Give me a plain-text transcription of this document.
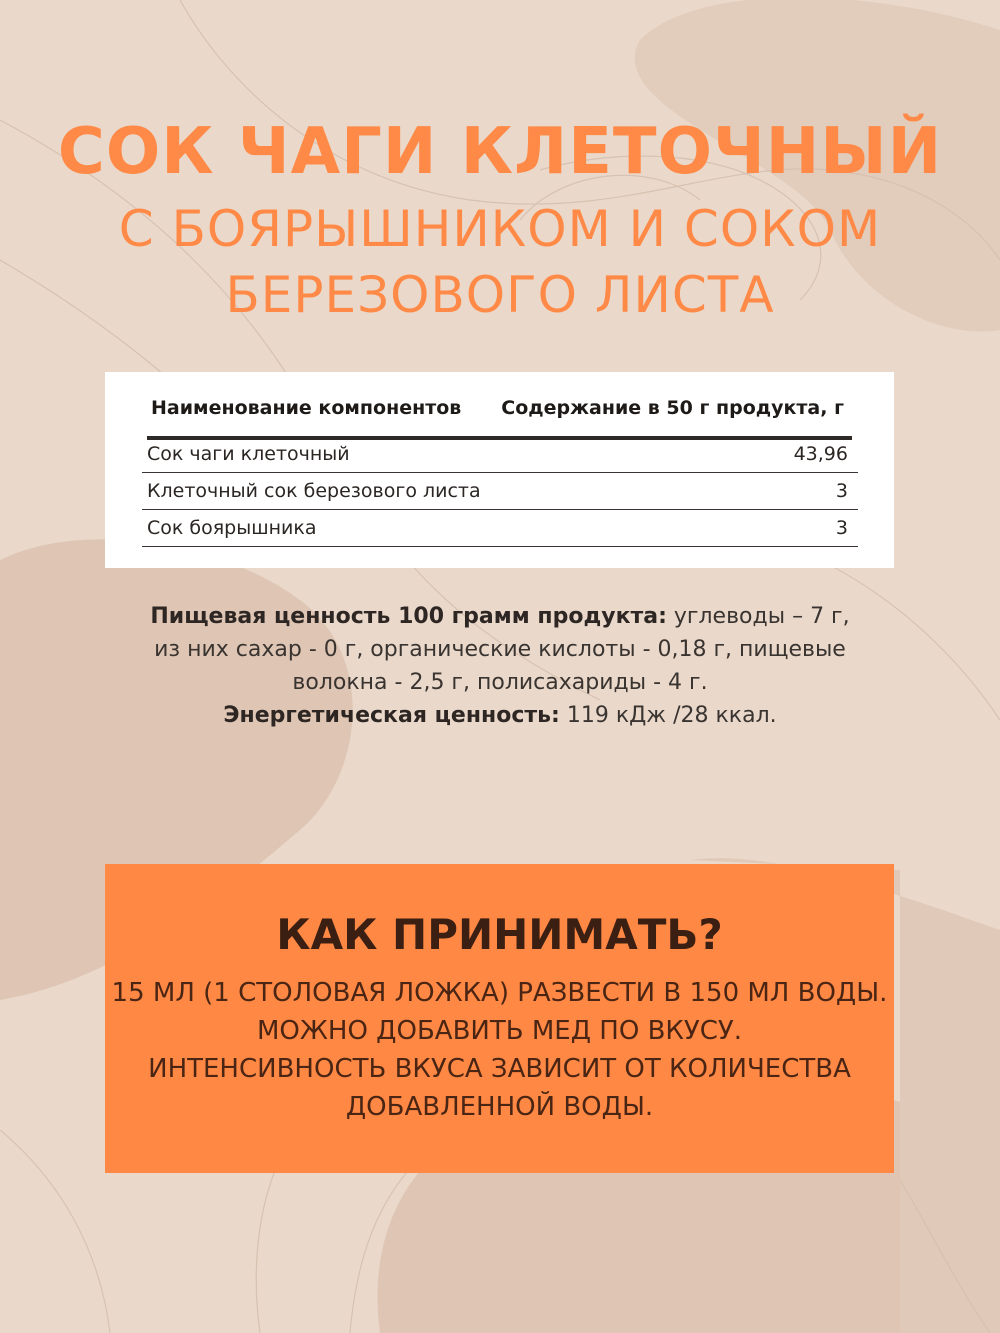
СОК ЧАГИ КЛЕТОЧНЫЙ
С БОЯРЫШНИКОМ И СОКОМ
БЕРЕЗОВОГО ЛИСТА
Наименование компонентов	Содержание в 50 г продукта, г
Сок чаги клеточный	43,96
Клеточный сок березового листа	3
Сок боярышника	3
Пищевая ценность 100 грамм продукта: углеводы – 7 г,
из них сахар - 0 г, органические кислоты - 0,18 г, пищевые
волокна - 2,5 г, полисахариды - 4 г.
Энергетическая ценность: 119 кДж /28 ккал.
КАК ПРИНИМАТЬ?
15 МЛ (1 СТОЛОВАЯ ЛОЖКА) РАЗВЕСТИ В 150 МЛ ВОДЫ.
МОЖНО ДОБАВИТЬ МЕД ПО ВКУСУ.
ИНТЕНСИВНОСТЬ ВКУСА ЗАВИСИТ ОТ КОЛИЧЕСТВА
ДОБАВЛЕННОЙ ВОДЫ.
